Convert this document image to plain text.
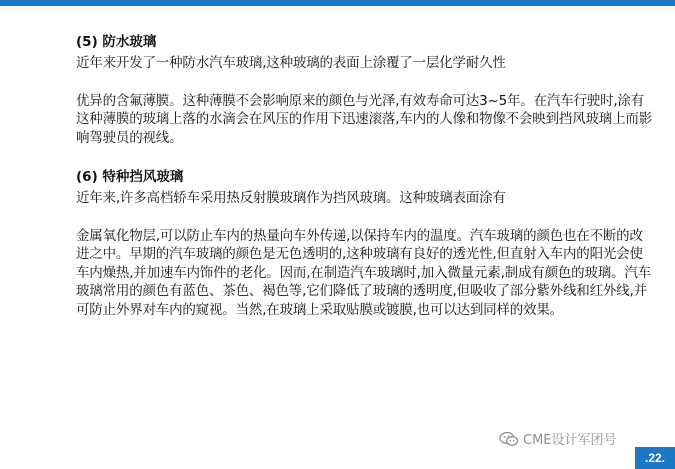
(5) 防水玻璃

近年来开发了一种防水汽车玻璃,这种玻璃的表面上涂覆了一层化学耐久性

优异的含氟薄膜。这种薄膜不会影响原来的颜色与光泽,有效寿命可达3~5年。在汽车行驶时,涂有这种薄膜的玻璃上落的水滴会在风压的作用下迅速滚落,车内的人像和物像不会映到挡风玻璃上而影响驾驶员的视线。

(6) 特种挡风玻璃

近年来,许多高档轿车采用热反射膜玻璃作为挡风玻璃。这种玻璃表面涂有

金属氧化物层,可以防止车内的热量向车外传递,以保持车内的温度。汽车玻璃的颜色也在不断的改进之中。早期的汽车玻璃的颜色是无色透明的,这种玻璃有良好的透光性,但直射入车内的阳光会使车内燥热,并加速车内饰件的老化。因而,在制造汽车玻璃时,加入微量元素,制成有颜色的玻璃。汽车玻璃常用的颜色有蓝色、茶色、褐色等,它们降低了玻璃的透明度,但吸收了部分紫外线和红外线,并可防止外界对车内的窥视。当然,在玻璃上采取贴膜或镀膜,也可以达到同样的效果。

CME设计军团号
.22.
